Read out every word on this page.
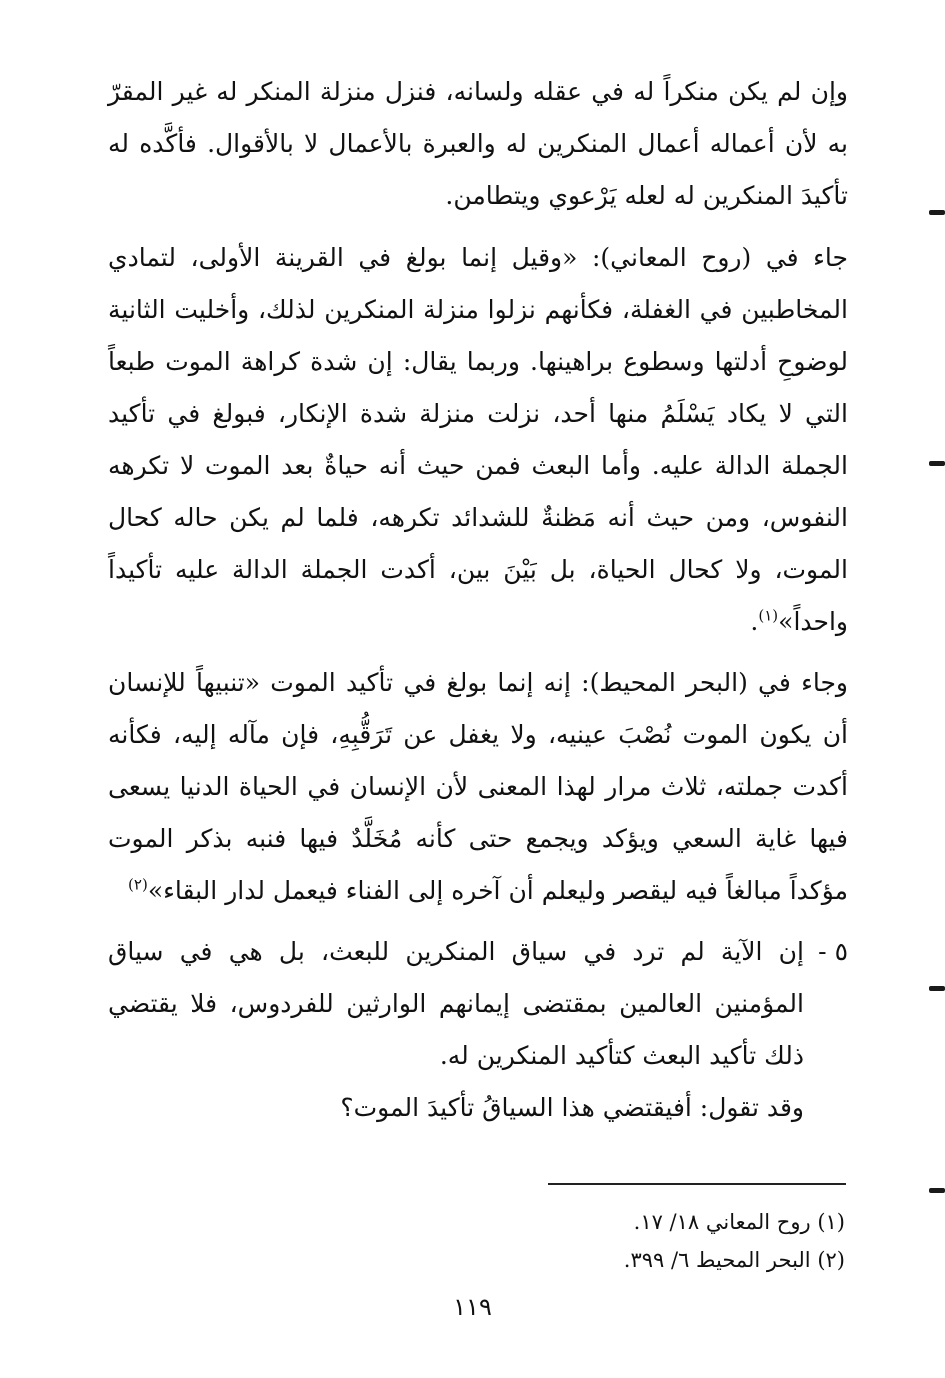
وإن لم يكن منكراً له في عقله ولسانه، فنزل منزلة المنكر له غير المقرّ به لأن أعماله أعمال المنكرين له والعبرة بالأعمال لا بالأقوال. فأكَّده له تأكيدَ المنكرين له لعله يَرْعوي ويتطامن.

جاء في (روح المعاني): «وقيل إنما بولغ في القرينة الأولى، لتمادي المخاطبين في الغفلة، فكأنهم نزلوا منزلة المنكرين لذلك، وأخليت الثانية لوضوحِ أدلتها وسطوع براهينها. وربما يقال: إن شدة كراهة الموت طبعاً التي لا يكاد يَسْلَمُ منها أحد، نزلت منزلة شدة الإنكار، فبولغ في تأكيد الجملة الدالة عليه. وأما البعث فمن حيث أنه حياةٌ بعد الموت لا تكرهه النفوس، ومن حيث أنه مَظنةٌ للشدائد تكرهه، فلما لم يكن حاله كحال الموت، ولا كحال الحياة، بل بَيْنَ بين، أكدت الجملة الدالة عليه تأكيداً واحداً»$^{(١)}$.

وجاء في (البحر المحيط): إنه إنما بولغ في تأكيد الموت «تنبيهاً للإنسان أن يكون الموت نُصْبَ عينيه، ولا يغفل عن تَرَقُّبِهِ، فإن مآله إليه، فكأنه أكدت جملته، ثلاث مرار لهذا المعنى لأن الإنسان في الحياة الدنيا يسعى فيها غاية السعي ويؤكد ويجمع حتى كأنه مُخَلَّدٌ فيها فنبه بذكر الموت مؤكداً مبالغاً فيه ليقصر وليعلم أن آخره إلى الفناء فيعمل لدار البقاء»$^{(٢)}$

٥ -
إن الآية لم ترد في سياق المنكرين للبعث، بل هي في سياق المؤمنين العالمين بمقتضى إيمانهم الوارثين للفردوس، فلا يقتضي ذلك تأكيد البعث كتأكيد المنكرين له.

وقد تقول: أفيقتضي هذا السياقُ تأكيدَ الموت؟

(١) روح المعاني ١٨/ ١٧.

(٢) البحر المحيط ٦/ ٣٩٩.

١١٩
